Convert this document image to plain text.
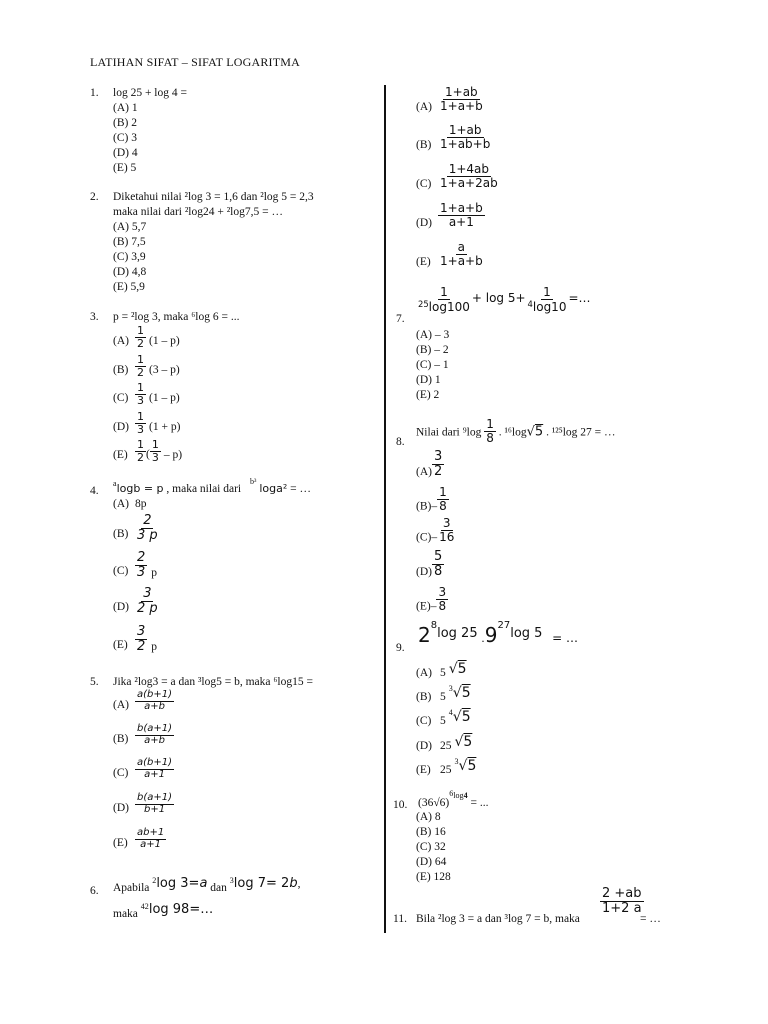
LATIHAN SIFAT – SIFAT LOGARITMA
1. log 25 + log 4 =
(A) 1
(B) 2
(C) 3
(D) 4
(E) 5
2. Diketahui nilai ²log 3 = 1,6 dan ²log 5 = 2,3
maka nilai dari ²log24 + ²log7,5 = …
(A) 5,7
(B) 7,5
(C) 3,9
(D) 4,8
(E) 5,9
3. p = ²log 3, maka ⁶log 6 = ...
$(A) \frac{1}{2} (1 - p)$
$(B) \frac{1}{2} (3 - p)$
$(C) \frac{1}{3} (1 - p)$
$(D) \frac{1}{3} (1 + p)$
$(E) \frac{1}{2}$ ( $\frac{1}{3} - p$)
4.
$^a$logb = p , maka nilai dari $^{b^3}$ loga² = …
(A) 8p
$(B) \frac{2}{3 p}$
$(C) \frac{2}{3}$ p
$(D) \frac{3}{2 p}$
$(E) \frac{3}{2}$ p
5. Jika ²log3 = a dan ³log5 = b, maka ⁶log15 =
$(A) \frac{a(b+1)}{a+b}$
$(B) \frac{b(a+1)}{a+b}$
$(C) \frac{a(b+1)}{a+1}$
$(D) \frac{b(a+1)}{b+1}$
$(E) \frac{ab+1}{a+1}$
6. Apabila $^2$log 3=a dan $^3$log 7= 2b,
maka $^{42}$log 98=…
$(A) \frac{1+ab}{1+a+b}$
$(B) \frac{1+ab}{1+ab+b}$
$(C) \frac{1+4ab}{1+a+2ab}$
$(D) \frac{1+a+b}{a+1}$
$(E) \frac{a}{1+a+b}$
7.
$\frac{1}{^{25}\log 100} + \log 5+ \frac{1}{^4\log 10}$ =…
(A) – 3
(B) – 2
(C) – 1
(D) 1
(E) 2
8.
Nilai dari $^9\log \frac{1}{8}$ . ¹⁶log√5 . ¹²⁵log 27 = …
$(A) \frac{3}{2}$
$(B)- \frac{1}{8}$
$(C)- \frac{3}{16}$
$(D) \frac{5}{8}$
$(E)- \frac{3}{8}$
9.
28log 25 .927log 5 = …
(A) 5 √5
(B) $5^3√5$
(C) $5^4√5$
(D) 25 √5
(E) $25^3√5$
10. (36√6)6log4 = ...
(A) 8
(B) 16
(C) 32
(D) 64
(E) 128
11. Bila ²log 3 = a dan ³log 7 = b, maka
$\frac{2 +ab}{1+2 a}$
= …
